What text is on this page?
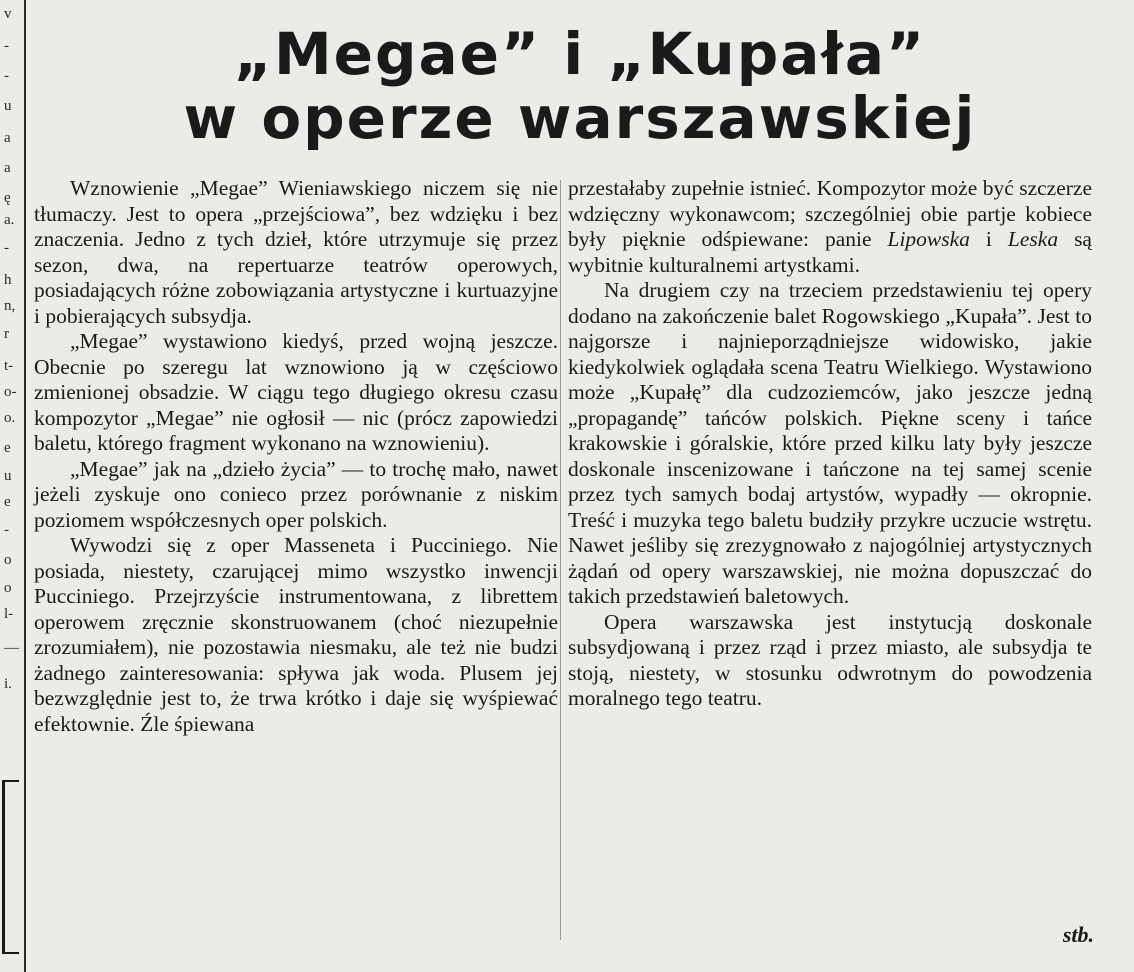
v
-
-
u
a
a
ę
a.
-
h
n,
r
t-
o-
o.
e
u
e
-
o
o
l-
—
i.
„Megae” i „Kupała”
w operze warszawskiej

Wznowienie „Megae” Wieniawskiego niczem się nie tłumaczy. Jest to opera „przejściowa”, bez wdzięku i bez znaczenia. Jedno z tych dzieł, które utrzymuje się przez sezon, dwa, na repertuarze teatrów operowych, posiadających różne zobowiązania artystyczne i kurtuazyjne i pobierających subsydja.

„Megae” wystawiono kiedyś, przed wojną jeszcze. Obecnie po szeregu lat wznowiono ją w częściowo zmienionej obsadzie. W ciągu tego długiego okresu czasu kompozytor „Megae” nie ogłosił — nic (prócz zapowiedzi baletu, którego fragment wykonano na wznowieniu).

„Megae” jak na „dzieło życia” — to trochę mało, nawet jeżeli zyskuje ono conieco przez porównanie z niskim poziomem współczesnych oper polskich.

Wywodzi się z oper Masseneta i Pucciniego. Nie posiada, niestety, czarującej mimo wszystko inwencji Pucciniego. Przejrzyście instrumentowana, z librettem operowem zręcznie skonstruowanem (choć niezupełnie zrozumiałem), nie pozostawia niesmaku, ale też nie budzi żadnego zainteresowania: spływa jak woda. Plusem jej bezwzględnie jest to, że trwa krótko i daje się wyśpiewać efektownie. Źle śpiewana

przestałaby zupełnie istnieć. Kompozytor może być szczerze wdzięczny wykonawcom; szczególniej obie partje kobiece były pięknie odśpiewane: panie Lipowska i Leska są wybitnie kulturalnemi artystkami.

Na drugiem czy na trzeciem przedstawieniu tej opery dodano na zakończenie balet Rogowskiego „Kupała”. Jest to najgorsze i najnieporządniejsze widowisko, jakie kiedykolwiek oglądała scena Teatru Wielkiego. Wystawiono może „Kupałę” dla cudzoziemców, jako jeszcze jedną „propagandę” tańców polskich. Piękne sceny i tańce krakowskie i góralskie, które przed kilku laty były jeszcze doskonale inscenizowane i tańczone na tej samej scenie przez tych samych bodaj artystów, wypadły — okropnie. Treść i muzyka tego baletu budziły przykre uczucie wstrętu. Nawet jeśliby się zrezygnowało z najogólniej artystycznych żądań od opery warszawskiej, nie można dopuszczać do takich przedstawień baletowych.

Opera warszawska jest instytucją doskonale subsydjowaną i przez rząd i przez miasto, ale subsydja te stoją, niestety, w stosunku odwrotnym do powodzenia moralnego tego teatru.

stb.
